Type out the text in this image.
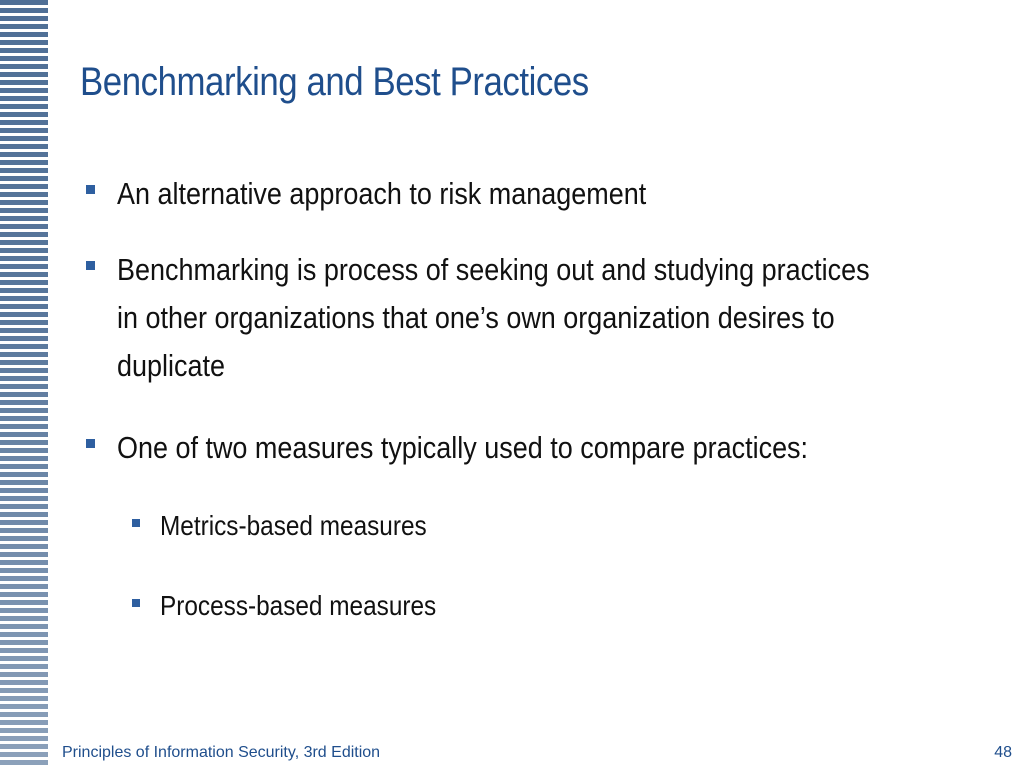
Benchmarking and Best Practices
An alternative approach to risk management
Benchmarking is process of seeking out and studying practices in other organizations that one’s own organization desires to duplicate
One of two measures typically used to compare practices:
Metrics-based measures
Process-based measures
Principles of Information Security, 3rd Edition	48
